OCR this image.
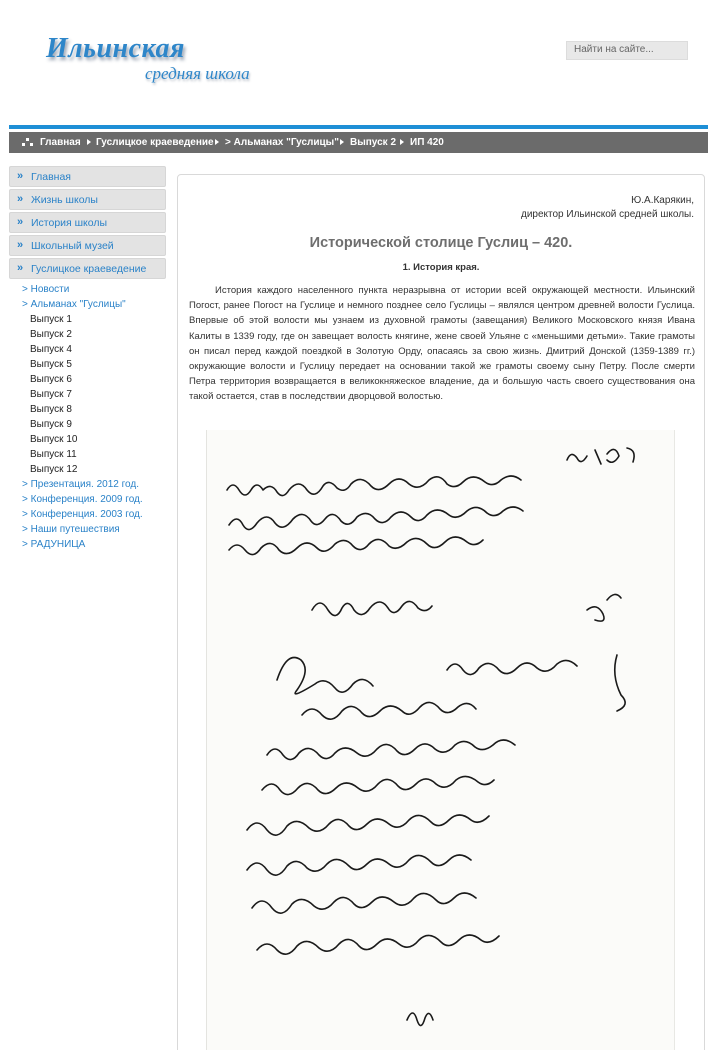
Ильинская
средняя школа
Найти на сайте...
Главная Гуслицкое краеведение > Альманах "Гуслицы" Выпуск 2 ИП 420
» Главная
» Жизнь школы
» История школы
» Школьный музей
» Гуслицкое краеведение
> Новости
> Альманах "Гуслицы"
Выпуск 1
Выпуск 2
Выпуск 4
Выпуск 5
Выпуск 6
Выпуск 7
Выпуск 8
Выпуск 9
Выпуск 10
Выпуск 11
Выпуск 12
> Презентация. 2012 год.
> Конференция. 2009 год.
> Конференция. 2003 год.
> Наши путешествия
> РАДУНИЦА
Ю.А.Карякин,
директор Ильинской средней школы.
Исторической столице Гуслиц – 420.
1. История края.
История каждого населенного пункта неразрывна от истории всей окружающей местности. Ильинский Погост, ранее Погост на Гуслице и немного позднее село Гуслицы – являлся центром древней волости Гуслица. Впервые об этой волости мы узнаем из духовной грамоты (завещания) Великого Московского князя Ивана Калиты в 1339 году, где он завещает волость княгине, жене своей Ульяне с «меньшими детьми». Такие грамоты он писал перед каждой поездкой в Золотую Орду, опасаясь за свою жизнь. Дмитрий Донской (1359-1389 гг.) окружающие волости и Гуслицу передает на основании такой же грамоты своему сыну Петру. После смерти Петра территория возвращается в великокняжеское владение, да и большую часть своего существования она такой остается, став в последствии дворцовой волостью.
